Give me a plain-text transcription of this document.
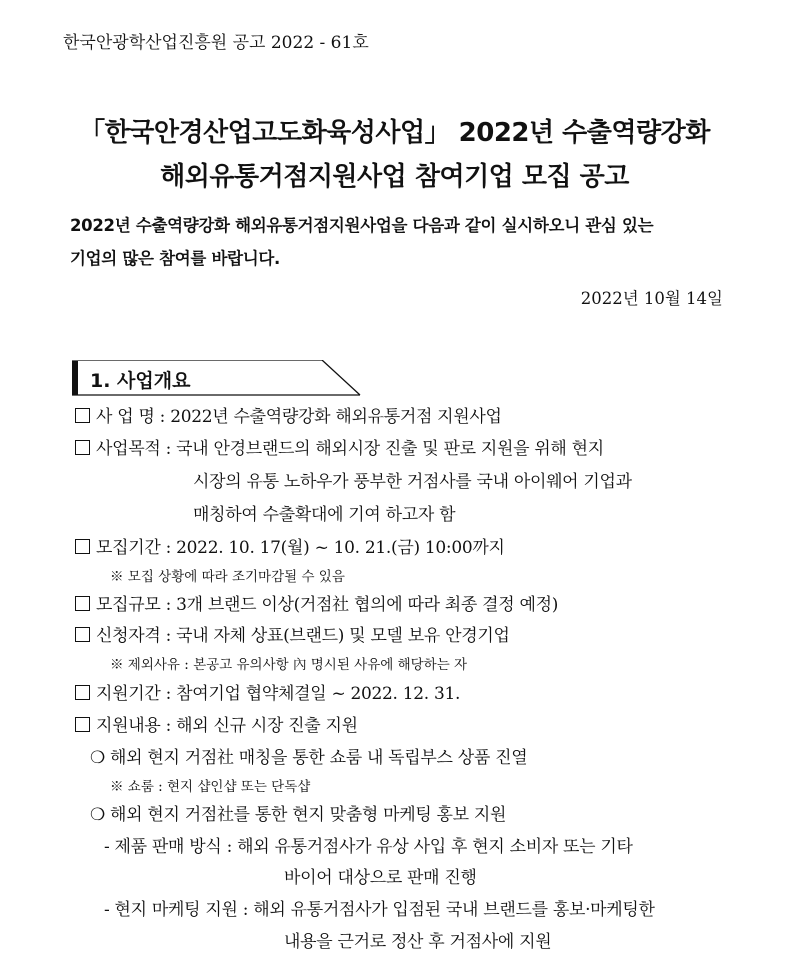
한국안광학산업진흥원 공고 2022 - 61호
「한국안경산업고도화육성사업」 2022년 수출역량강화
해외유통거점지원사업 참여기업 모집 공고
2022년 수출역량강화 해외유통거점지원사업을 다음과 같이 실시하오니 관심 있는
기업의 많은 참여를 바랍니다.
2022년 10월 14일
1. 사업개요
사 업 명 : 2022년 수출역량강화 해외유통거점 지원사업
사업목적 : 국내 안경브랜드의 해외시장 진출 및 판로 지원을 위해 현지
시장의 유통 노하우가 풍부한 거점사를 국내 아이웨어 기업과
매칭하여 수출확대에 기여 하고자 함
모집기간 : 2022. 10. 17(월) ~ 10. 21.(금) 10:00까지
※ 모집 상황에 따라 조기마감될 수 있음
모집규모 : 3개 브랜드 이상(거점社 협의에 따라 최종 결정 예정)
신청자격 : 국내 자체 상표(브랜드) 및 모델 보유 안경기업
※ 제외사유 : 본공고 유의사항 內 명시된 사유에 해당하는 자
지원기간 : 참여기업 협약체결일 ~ 2022. 12. 31.
지원내용 : 해외 신규 시장 진출 지원
❍ 해외 현지 거점社 매칭을 통한 쇼룸 내 독립부스 상품 진열
※ 쇼룸 : 현지 샵인샵 또는 단독샵
❍ 해외 현지 거점社를 통한 현지 맞춤형 마케팅 홍보 지원
- 제품 판매 방식 : 해외 유통거점사가 유상 사입 후 현지 소비자 또는 기타
바이어 대상으로 판매 진행
- 현지 마케팅 지원 : 해외 유통거점사가 입점된 국내 브랜드를 홍보·마케팅한
내용을 근거로 정산 후 거점사에 지원
